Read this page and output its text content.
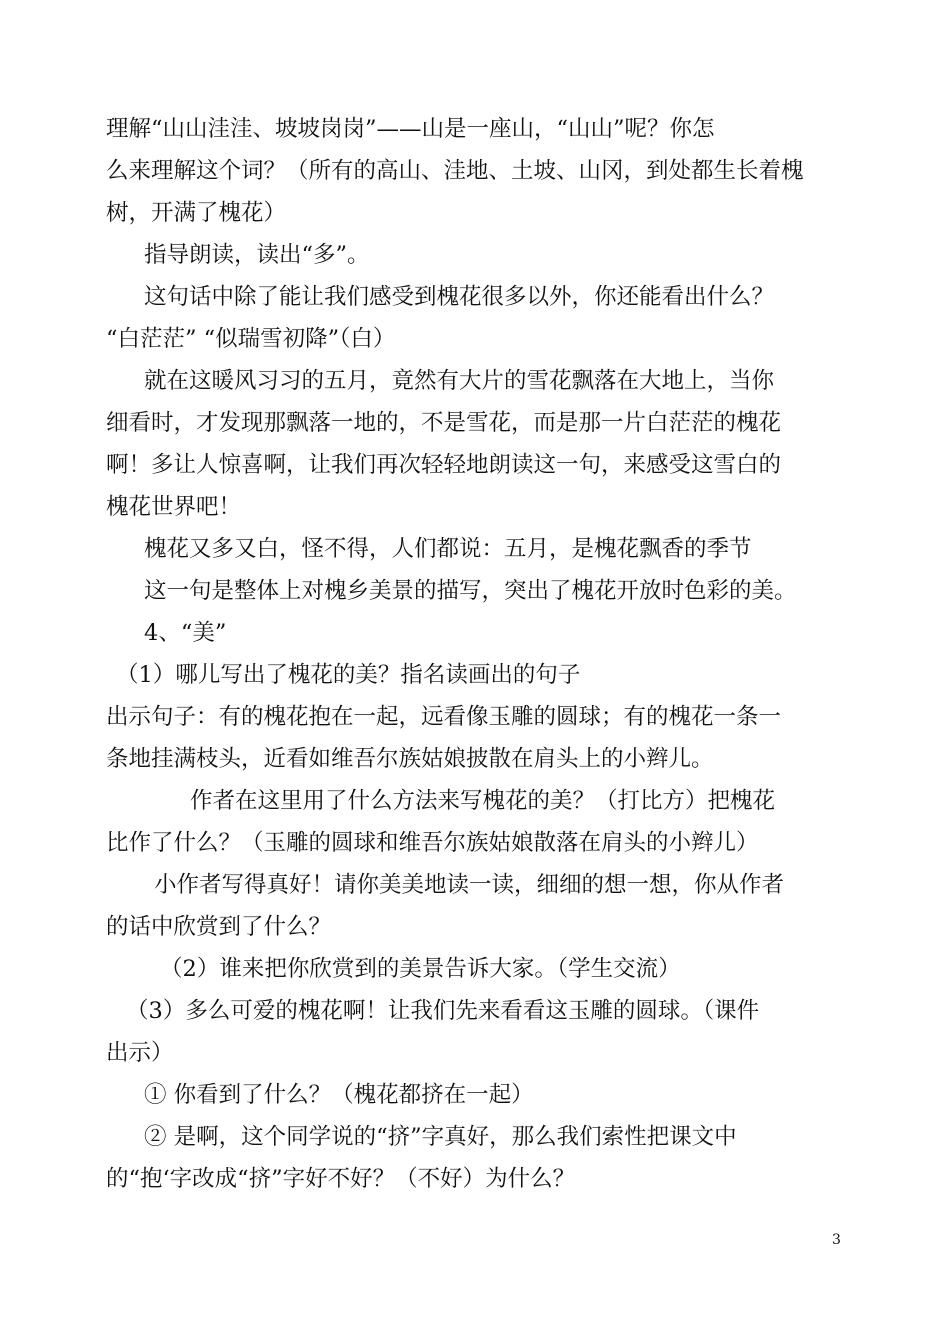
理解“山山洼洼、坡坡岗岗”——山是一座山，“山山”呢？你怎
么来理解这个词？（所有的高山、洼地、土坡、山冈，到处都生长着槐
树，开满了槐花）
指导朗读，读出“多”。
这句话中除了能让我们感受到槐花很多以外，你还能看出什么？
“白茫茫” “似瑞雪初降”（白）
就在这暖风习习的五月，竟然有大片的雪花飘落在大地上，当你
细看时，才发现那飘落一地的，不是雪花，而是那一片白茫茫的槐花
啊！多让人惊喜啊，让我们再次轻轻地朗读这一句，来感受这雪白的
槐花世界吧！
槐花又多又白，怪不得，人们都说：五月，是槐花飘香的季节
这一句是整体上对槐乡美景的描写，突出了槐花开放时色彩的美。
4、“美”
（1）哪儿写出了槐花的美？指名读画出的句子
出示句子：有的槐花抱在一起，远看像玉雕的圆球；有的槐花一条一
条地挂满枝头，近看如维吾尔族姑娘披散在肩头上的小辫儿。
作者在这里用了什么方法来写槐花的美？（打比方）把槐花
比作了什么？（玉雕的圆球和维吾尔族姑娘散落在肩头的小辫儿）
小作者写得真好！请你美美地读一读，细细的想一想，你从作者
的话中欣赏到了什么？
（2）谁来把你欣赏到的美景告诉大家。（学生交流）
（3）多么可爱的槐花啊！让我们先来看看这玉雕的圆球。（课件
出示）
① 你看到了什么？（槐花都挤在一起）
② 是啊，这个同学说的“挤”字真好，那么我们索性把课文中
的“抱‘字改成“挤”字好不好？（不好）为什么？
3
